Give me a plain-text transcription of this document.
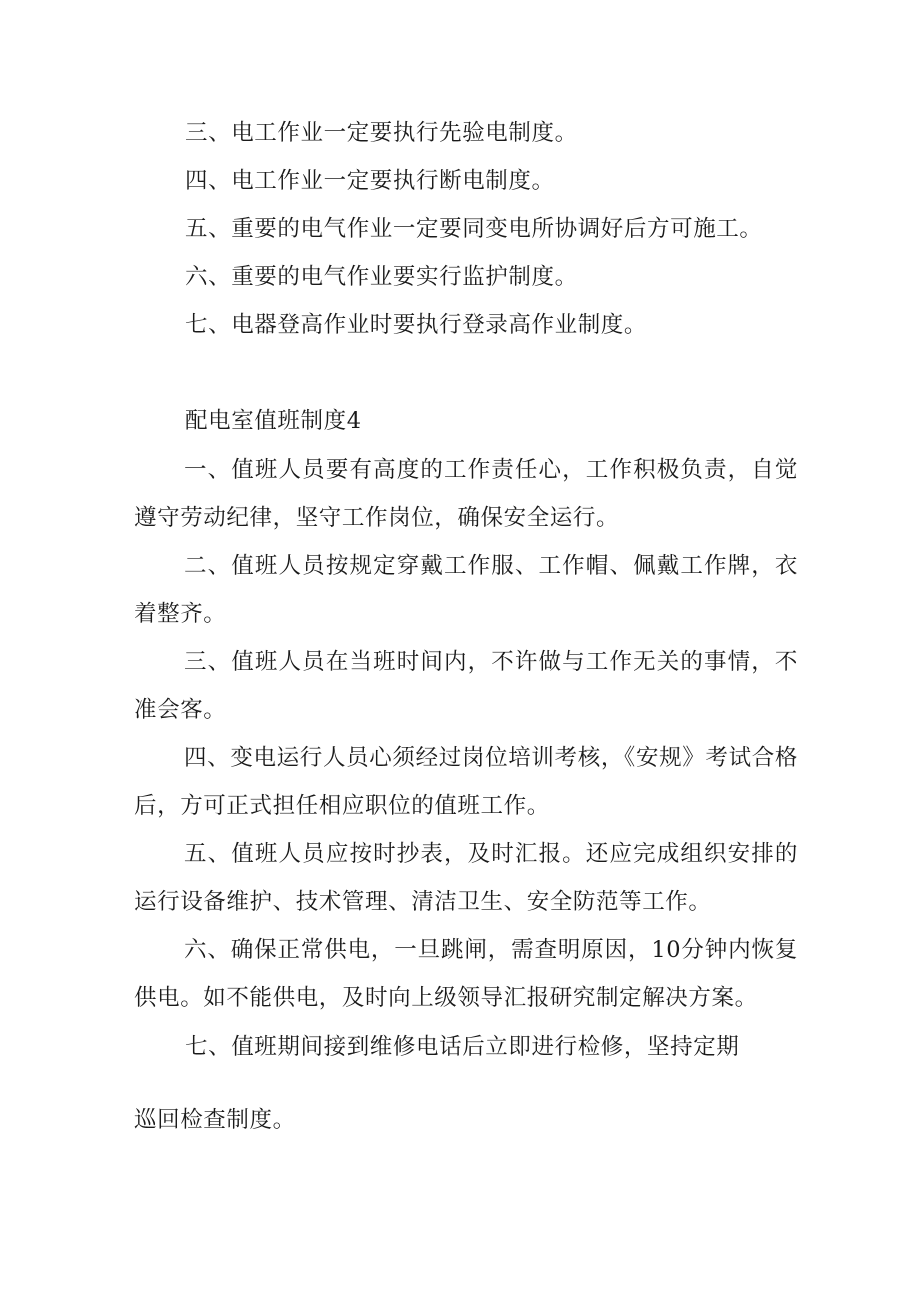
三、电工作业一定要执行先验电制度。
四、电工作业一定要执行断电制度。
五、重要的电气作业一定要同变电所协调好后方可施工。
六、重要的电气作业要实行监护制度。
七、电器登高作业时要执行登录高作业制度。
配电室值班制度4
一、值班人员要有高度的工作责任心，工作积极负责，自觉遵守劳动纪律，坚守工作岗位，确保安全运行。
二、值班人员按规定穿戴工作服、工作帽、佩戴工作牌，衣着整齐。
三、值班人员在当班时间内，不许做与工作无关的事情，不准会客。
四、变电运行人员心须经过岗位培训考核，《安规》考试合格后，方可正式担任相应职位的值班工作。
五、值班人员应按时抄表，及时汇报。还应完成组织安排的运行设备维护、技术管理、清洁卫生、安全防范等工作。
六、确保正常供电，一旦跳闸，需查明原因，10分钟内恢复供电。如不能供电，及时向上级领导汇报研究制定解决方案。
七、值班期间接到维修电话后立即进行检修，坚持定期
巡回检查制度。
